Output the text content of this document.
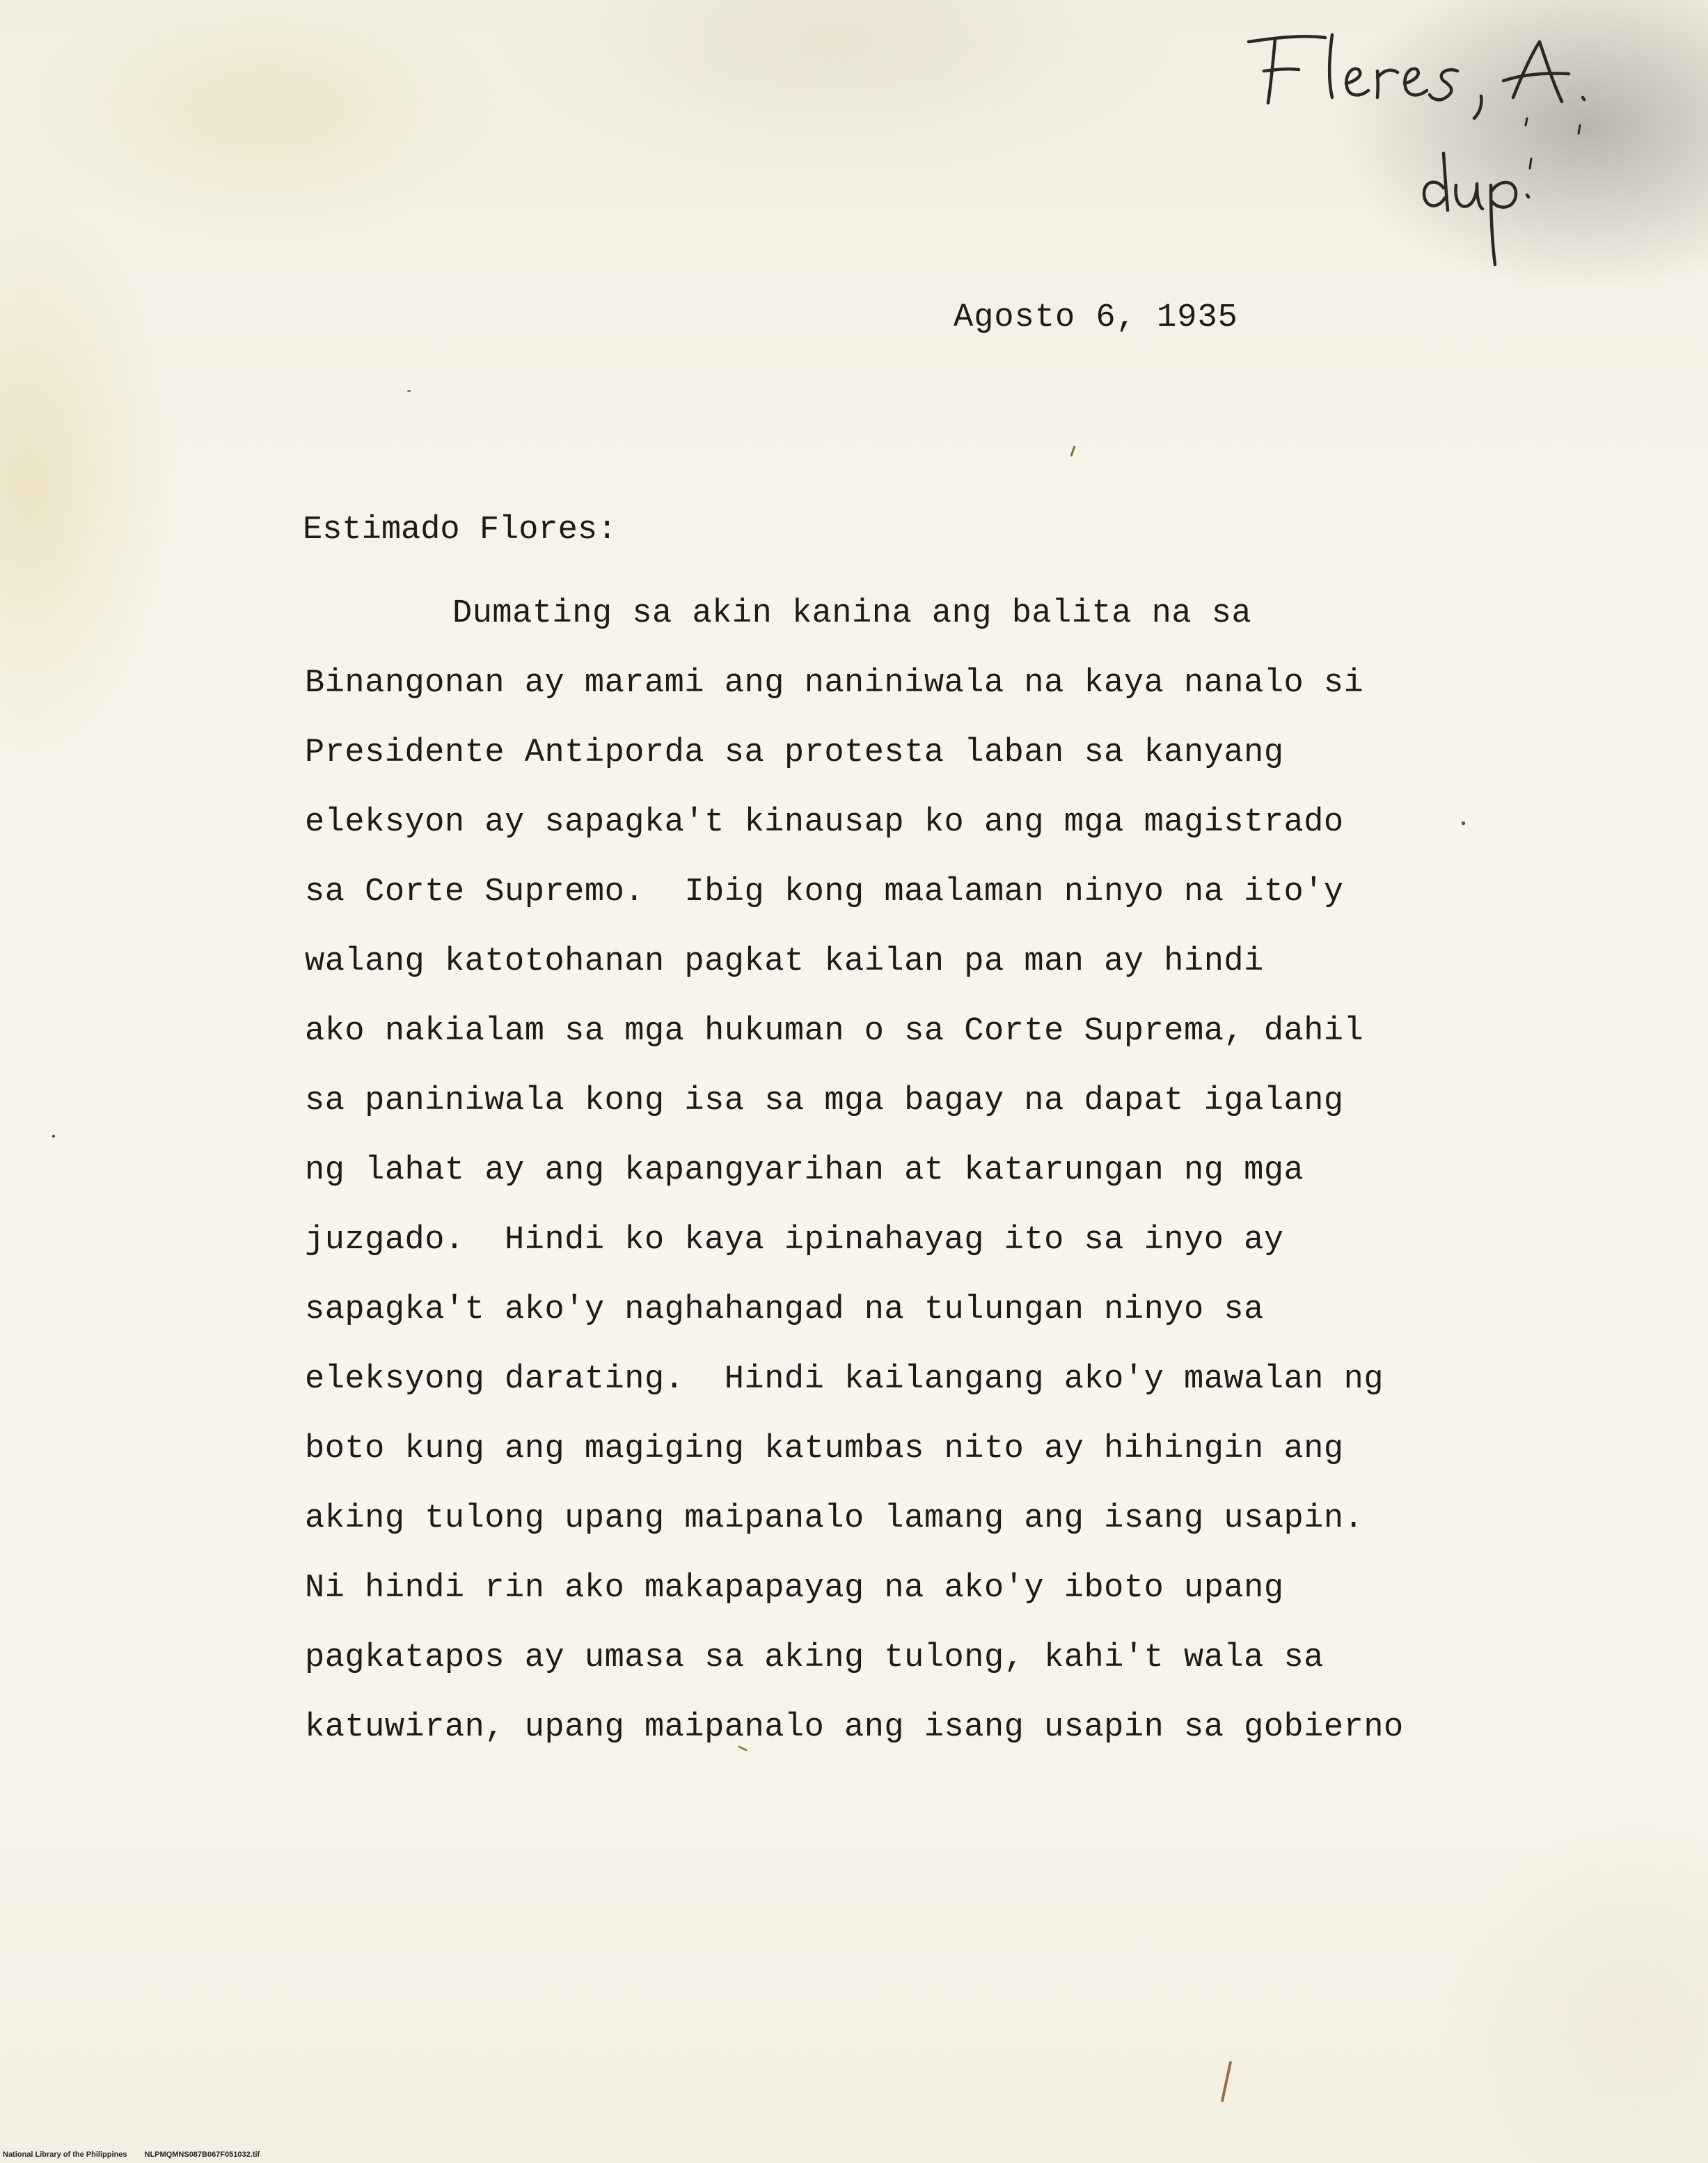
Agosto 6, 1935
Estimado Flores:
Dumating sa akin kanina ang balita na sa
Binangonan ay marami ang naniniwala na kaya nanalo si
Presidente Antiporda sa protesta laban sa kanyang
eleksyon ay sapagka't kinausap ko ang mga magistrado
sa Corte Supremo.  Ibig kong maalaman ninyo na ito'y
walang katotohanan pagkat kailan pa man ay hindi
ako nakialam sa mga hukuman o sa Corte Suprema, dahil
sa paniniwala kong isa sa mga bagay na dapat igalang
ng lahat ay ang kapangyarihan at katarungan ng mga
juzgado.  Hindi ko kaya ipinahayag ito sa inyo ay
sapagka't ako'y naghahangad na tulungan ninyo sa
eleksyong darating.  Hindi kailangang ako'y mawalan ng
boto kung ang magiging katumbas nito ay hihingin ang
aking tulong upang maipanalo lamang ang isang usapin.
Ni hindi rin ako makapapayag na ako'y iboto upang
pagkatapos ay umasa sa aking tulong, kahi't wala sa
katuwiran, upang maipanalo ang isang usapin sa gobierno
National Library of the Philippines NLPMQMNS087B067F051032.tif
